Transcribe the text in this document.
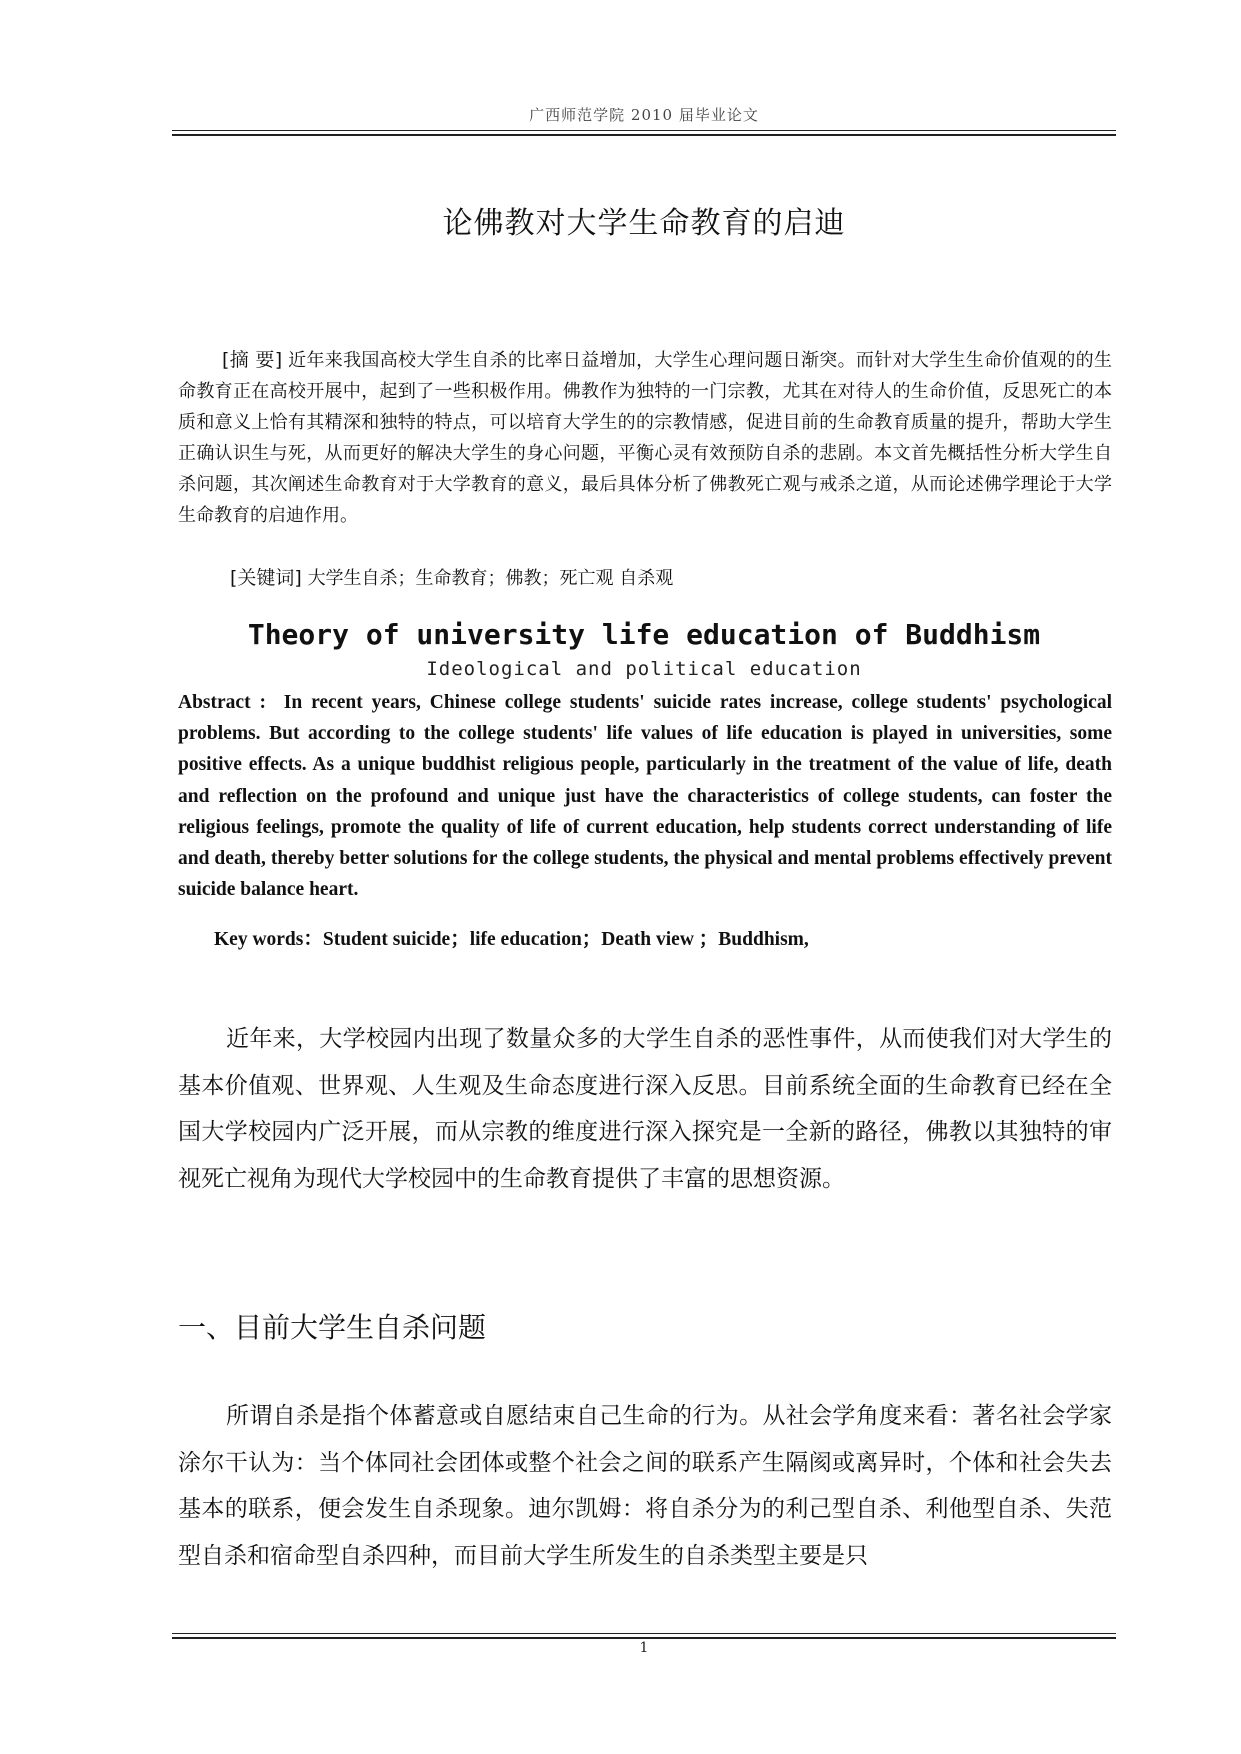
广西师范学院 2010 届毕业论文
论佛教对大学生命教育的启迪

[摘 要] 近年来我国高校大学生自杀的比率日益增加，大学生心理问题日渐突。而针对大学生生命价值观的的生命教育正在高校开展中，起到了一些积极作用。佛教作为独特的一门宗教，尤其在对待人的生命价值，反思死亡的本质和意义上恰有其精深和独特的特点，可以培育大学生的的宗教情感，促进目前的生命教育质量的提升，帮助大学生正确认识生与死，从而更好的解决大学生的身心问题，平衡心灵有效预防自杀的悲剧。本文首先概括性分析大学生自杀问题，其次阐述生命教育对于大学教育的意义，最后具体分析了佛教死亡观与戒杀之道，从而论述佛学理论于大学生命教育的启迪作用。

[关键词] 大学生自杀；生命教育；佛教；死亡观 自杀观

Theory of university life education of Buddhism
Ideological and political education

Abstract : In recent years, Chinese college students' suicide rates increase, college students' psychological problems. But according to the college students' life values of life education is played in universities, some positive effects. As a unique buddhist religious people, particularly in the treatment of the value of life, death and reflection on the profound and unique just have the characteristics of college students, can foster the religious feelings, promote the quality of life of current education, help students correct understanding of life and death, thereby better solutions for the college students, the physical and mental problems effectively prevent suicide balance heart.

Key words：Student suicide；life education；Death view ；Buddhism,

近年来，大学校园内出现了数量众多的大学生自杀的恶性事件，从而使我们对大学生的基本价值观、世界观、人生观及生命态度进行深入反思。目前系统全面的生命教育已经在全国大学校园内广泛开展，而从宗教的维度进行深入探究是一全新的路径，佛教以其独特的审视死亡视角为现代大学校园中的生命教育提供了丰富的思想资源。

一、目前大学生自杀问题

所谓自杀是指个体蓄意或自愿结束自己生命的行为。从社会学角度来看：著名社会学家涂尔干认为：当个体同社会团体或整个社会之间的联系产生隔阂或离异时，个体和社会失去基本的联系，便会发生自杀现象。迪尔凯姆：将自杀分为的利己型自杀、利他型自杀、失范型自杀和宿命型自杀四种，而目前大学生所发生的自杀类型主要是只

1
